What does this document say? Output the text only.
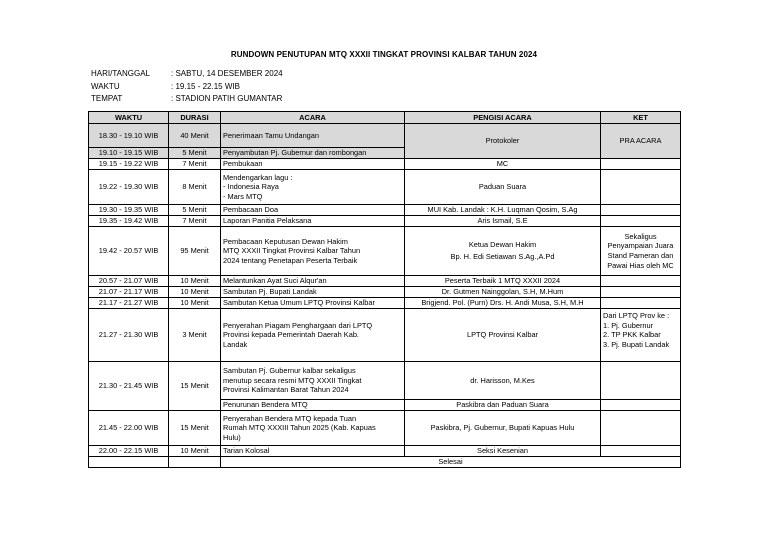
RUNDOWN PENUTUPAN MTQ XXXII TINGKAT PROVINSI KALBAR TAHUN 2024
HARI/TANGGAL	: SABTU, 14 DESEMBER 2024
WAKTU	: 19.15 - 22.15 WIB
TEMPAT	: STADION PATIH GUMANTAR
WAKTU	DURASI	ACARA	PENGISI ACARA	KET
18.30 - 19.10 WIB	40 Menit	Penerimaan Tamu Undangan	Protokoler	PRA ACARA
19.10 - 19.15 WIB	5 Menit	Penyambutan Pj. Gubernur dan rombongan		
19.15 - 19.22 WIB	7 Menit	Pembukaan	MC	
19.22 - 19.30 WIB	8 Menit	Mendengarkan lagu :
- Indonesia Raya
- Mars MTQ	Paduan Suara	
19.30 - 19.35 WIB	5 Menit	Pembacaan Doa	MUI Kab. Landak : K.H. Luqman Qosim, S.Ag	
19.35 - 19.42 WIB	7 Menit	Laporan Panitia Pelaksana	Aris Ismail, S.E	
19.42 - 20.57 WIB	95 Menit	Pembacaan Keputusan Dewan Hakim
MTQ XXXII Tingkat Provinsi Kalbar Tahun
2024 tentang Penetapan Peserta Terbaik	Ketua Dewan Hakim
Bp. H. Edi Setiawan S.Ag.,A.Pd	Sekaligus
Penyampaian Juara
Stand Pameran dan
Pawai Hias oleh MC

20.57 - 21.07 WIB	10 Menit	Melantunkan Ayat Suci Alqur'an	Peserta Terbaik 1 MTQ XXXII 2024	
21.07 - 21.17 WIB	10 Menit	Sambutan Pj. Bupati Landak	Dr. Gutmen Nainggolan, S.H, M.Hum	
21.17 - 21.27 WIB	10 Menit	Sambutan Ketua Umum LPTQ Provinsi Kalbar	Brigjend. Pol. (Purn) Drs. H. Andi Musa, S.H, M.H	
21.27 - 21.30 WIB	3 Menit	Penyerahan Piagam Penghargaan dari LPTQ
Provinsi kepada Pemerintah Daerah Kab.
Landak	LPTQ Provinsi Kalbar	Dari LPTQ Prov ke :
1. Pj. Gubernur
2. TP PKK Kalbar
3. Pj. Bupati Landak

21.30 - 21.45 WIB	15 Menit	Sambutan Pj. Gubernur kalbar sekaligus
menutup secara resmi MTQ XXXII Tingkat
Provinsi Kalimantan Barat Tahun 2024	dr. Harisson, M.Kes	
		Penurunan Bendera MTQ	Paskibra dan Paduan Suara	
21.45 - 22.00 WIB	15 Menit	Penyerahan Bendera MTQ kepada Tuan
Rumah MTQ XXXIII Tahun 2025 (Kab. Kapuas
Hulu)	Paskibra, Pj. Gubernur, Bupati Kapuas Hulu	
22.00 - 22.15 WIB	10 Menit	Tarian Kolosal	Seksi Kesenian	
		Selesai		
